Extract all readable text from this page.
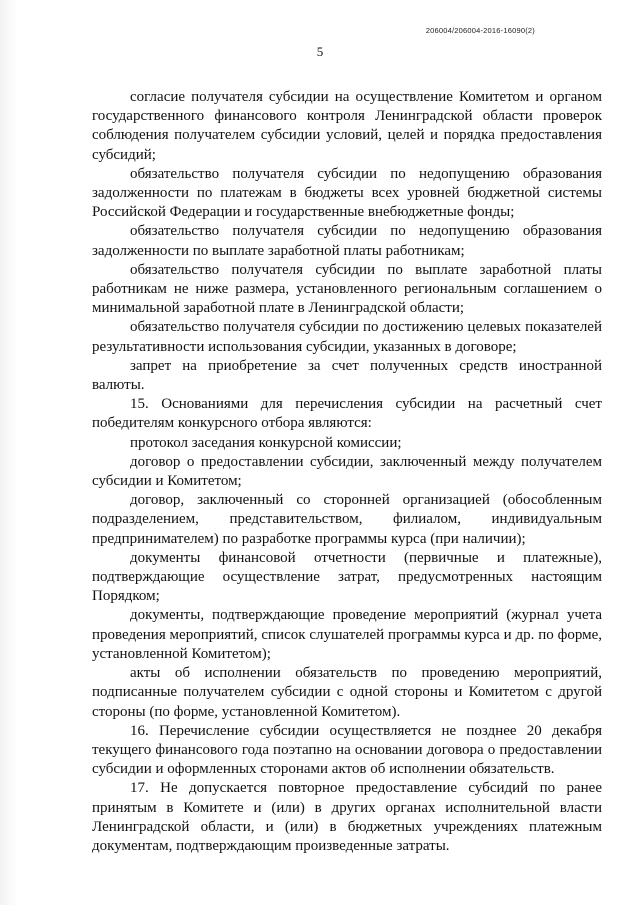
206004/206004-2016-16090(2)
5

согласие получателя субсидии на осуществление Комитетом и органом государственного финансового контроля Ленинградской области проверок соблюдения получателем субсидии условий, целей и порядка предоставления субсидий;

обязательство получателя субсидии по недопущению образования задолженности по платежам в бюджеты всех уровней бюджетной системы Российской Федерации и государственные внебюджетные фонды;

обязательство получателя субсидии по недопущению образования задолженности по выплате заработной платы работникам;

обязательство получателя субсидии по выплате заработной платы работникам не ниже размера, установленного региональным соглашением о минимальной заработной плате в Ленинградской области;

обязательство получателя субсидии по достижению целевых показателей результативности использования субсидии, указанных в договоре;

запрет на приобретение за счет полученных средств иностранной валюты.

15. Основаниями для перечисления субсидии на расчетный счет победителям конкурсного отбора являются:

протокол заседания конкурсной комиссии;

договор о предоставлении субсидии, заключенный между получателем субсидии и Комитетом;

договор, заключенный со сторонней организацией (обособленным подразделением, представительством, филиалом, индивидуальным предпринимателем) по разработке программы курса (при наличии);

документы финансовой отчетности (первичные и платежные), подтверждающие осуществление затрат, предусмотренных настоящим Порядком;

документы, подтверждающие проведение мероприятий (журнал учета проведения мероприятий, список слушателей программы курса и др. по форме, установленной Комитетом);

акты об исполнении обязательств по проведению мероприятий, подписанные получателем субсидии с одной стороны и Комитетом с другой стороны (по форме, установленной Комитетом).

16. Перечисление субсидии осуществляется не позднее 20 декабря текущего финансового года поэтапно на основании договора о предоставлении субсидии и оформленных сторонами актов об исполнении обязательств.

17. Не допускается повторное предоставление субсидий по ранее принятым в Комитете и (или) в других органах исполнительной власти Ленинградской области, и (или) в бюджетных учреждениях платежным документам, подтверждающим произведенные затраты.
